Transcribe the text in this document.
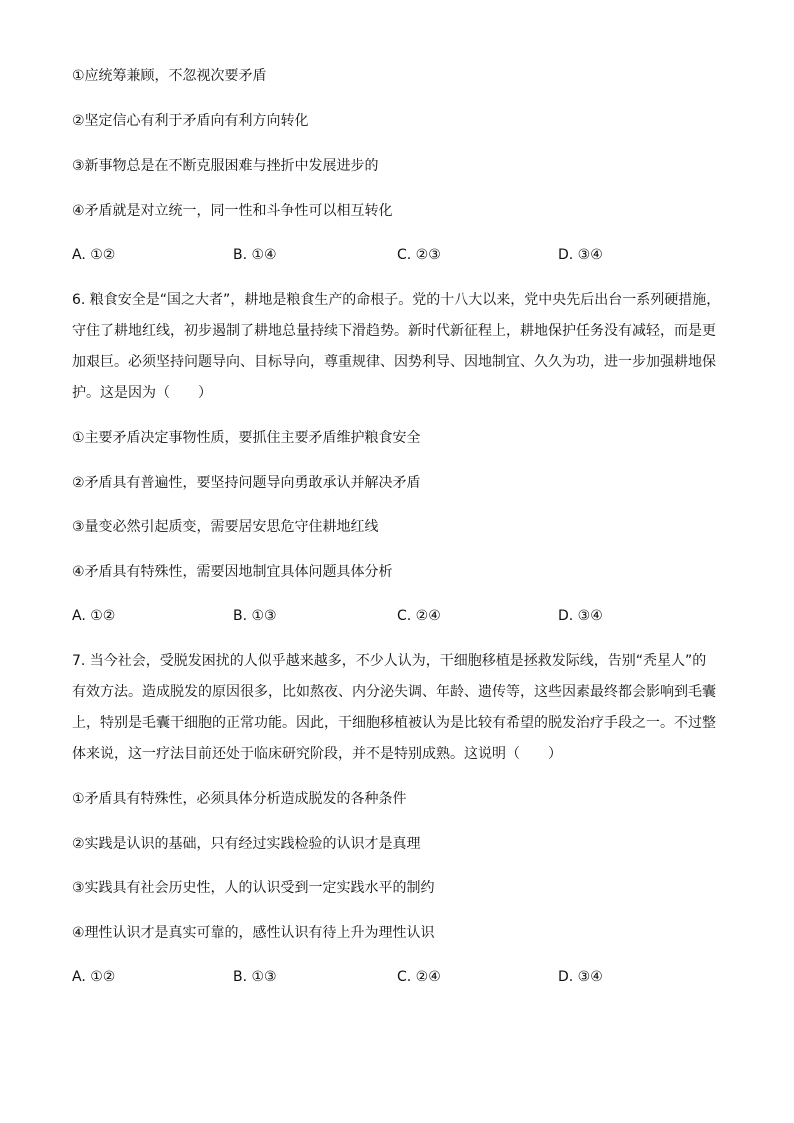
①应统筹兼顾，不忽视次要矛盾
②坚定信心有利于矛盾向有利方向转化
③新事物总是在不断克服困难与挫折中发展进步的
④矛盾就是对立统一，同一性和斗争性可以相互转化
A. ①②	B. ①④	C. ②③	D. ③④
6. 粮食安全是“国之大者”，耕地是粮食生产的命根子。党的十八大以来，党中央先后出台一系列硬措施，
守住了耕地红线，初步遏制了耕地总量持续下滑趋势。新时代新征程上，耕地保护任务没有减轻，而是更
加艰巨。必须坚持问题导向、目标导向，尊重规律、因势利导、因地制宜、久久为功，进一步加强耕地保
护。这是因为（　　）
①主要矛盾决定事物性质，要抓住主要矛盾维护粮食安全
②矛盾具有普遍性，要坚持问题导向勇敢承认并解决矛盾
③量变必然引起质变，需要居安思危守住耕地红线
④矛盾具有特殊性，需要因地制宜具体问题具体分析
A. ①②	B. ①③	C. ②④	D. ③④
7. 当今社会，受脱发困扰的人似乎越来越多，不少人认为，干细胞移植是拯救发际线，告别“秃星人”的
有效方法。造成脱发的原因很多，比如熬夜、内分泌失调、年龄、遗传等，这些因素最终都会影响到毛囊
上，特别是毛囊干细胞的正常功能。因此，干细胞移植被认为是比较有希望的脱发治疗手段之一。不过整
体来说，这一疗法目前还处于临床研究阶段，并不是特别成熟。这说明（　　）
①矛盾具有特殊性，必须具体分析造成脱发的各种条件
②实践是认识的基础，只有经过实践检验的认识才是真理
③实践具有社会历史性，人的认识受到一定实践水平的制约
④理性认识才是真实可靠的，感性认识有待上升为理性认识
A. ①②	B. ①③	C. ②④	D. ③④
